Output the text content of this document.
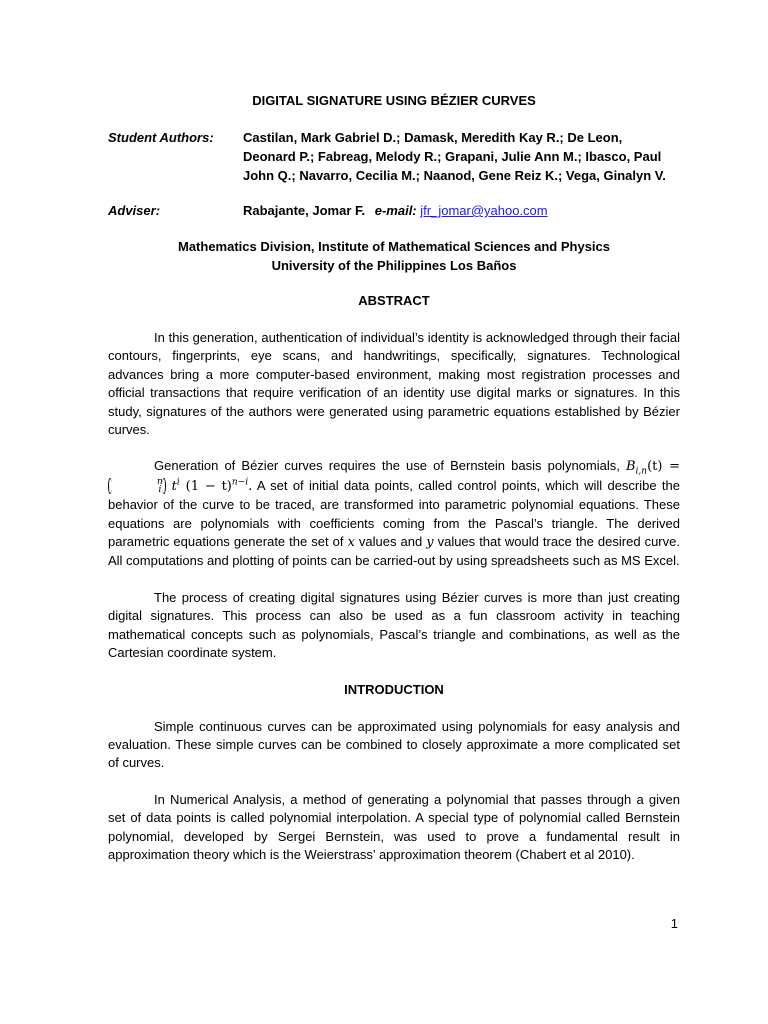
DIGITAL SIGNATURE USING BÉZIER CURVES
Student Authors:	Castilan, Mark Gabriel D.; Damask, Meredith Kay R.; De Leon,
Deonard P.; Fabreag, Melody R.; Grapani, Julie Ann M.; Ibasco, Paul
John Q.; Navarro, Cecilia M.; Naanod, Gene Reiz K.; Vega, Ginalyn V.
Adviser:	Rabajante, Jomar F. e-mail: jfr_jomar@yahoo.com
Mathematics Division, Institute of Mathematical Sciences and Physics
University of the Philippines Los Baños
ABSTRACT

In this generation, authentication of individual’s identity is acknowledged through their facial contours, fingerprints, eye scans, and handwritings, specifically, signatures. Technological advances bring a more computer-based environment, making most registration processes and official transactions that require verification of an identity use digital marks or signatures. In this study, signatures of the authors were generated using parametric equations established by Bézier curves.

Generation of Bézier curves requires the use of Bernstein basis polynomials, $B_{i,n}(t)$ =
n
i $t^i$ $(1 - t)^{n-i}$. A set of initial data points, called control points, which will describe the behavior of the curve to be traced, are transformed into parametric polynomial equations. These equations are polynomials with coefficients coming from the Pascal’s triangle. The derived parametric equations generate the set of x values and y values that would trace the desired curve. All computations and plotting of points can be carried-out by using spreadsheets such as MS Excel.

The process of creating digital signatures using Bézier curves is more than just creating digital signatures. This process can also be used as a fun classroom activity in teaching mathematical concepts such as polynomials, Pascal’s triangle and combinations, as well as the Cartesian coordinate system.

INTRODUCTION

Simple continuous curves can be approximated using polynomials for easy analysis and evaluation. These simple curves can be combined to closely approximate a more complicated set of curves.

In Numerical Analysis, a method of generating a polynomial that passes through a given set of data points is called polynomial interpolation. A special type of polynomial called Bernstein polynomial, developed by Sergei Bernstein, was used to prove a fundamental result in approximation theory which is the Weierstrass’ approximation theorem (Chabert et al 2010).

1
